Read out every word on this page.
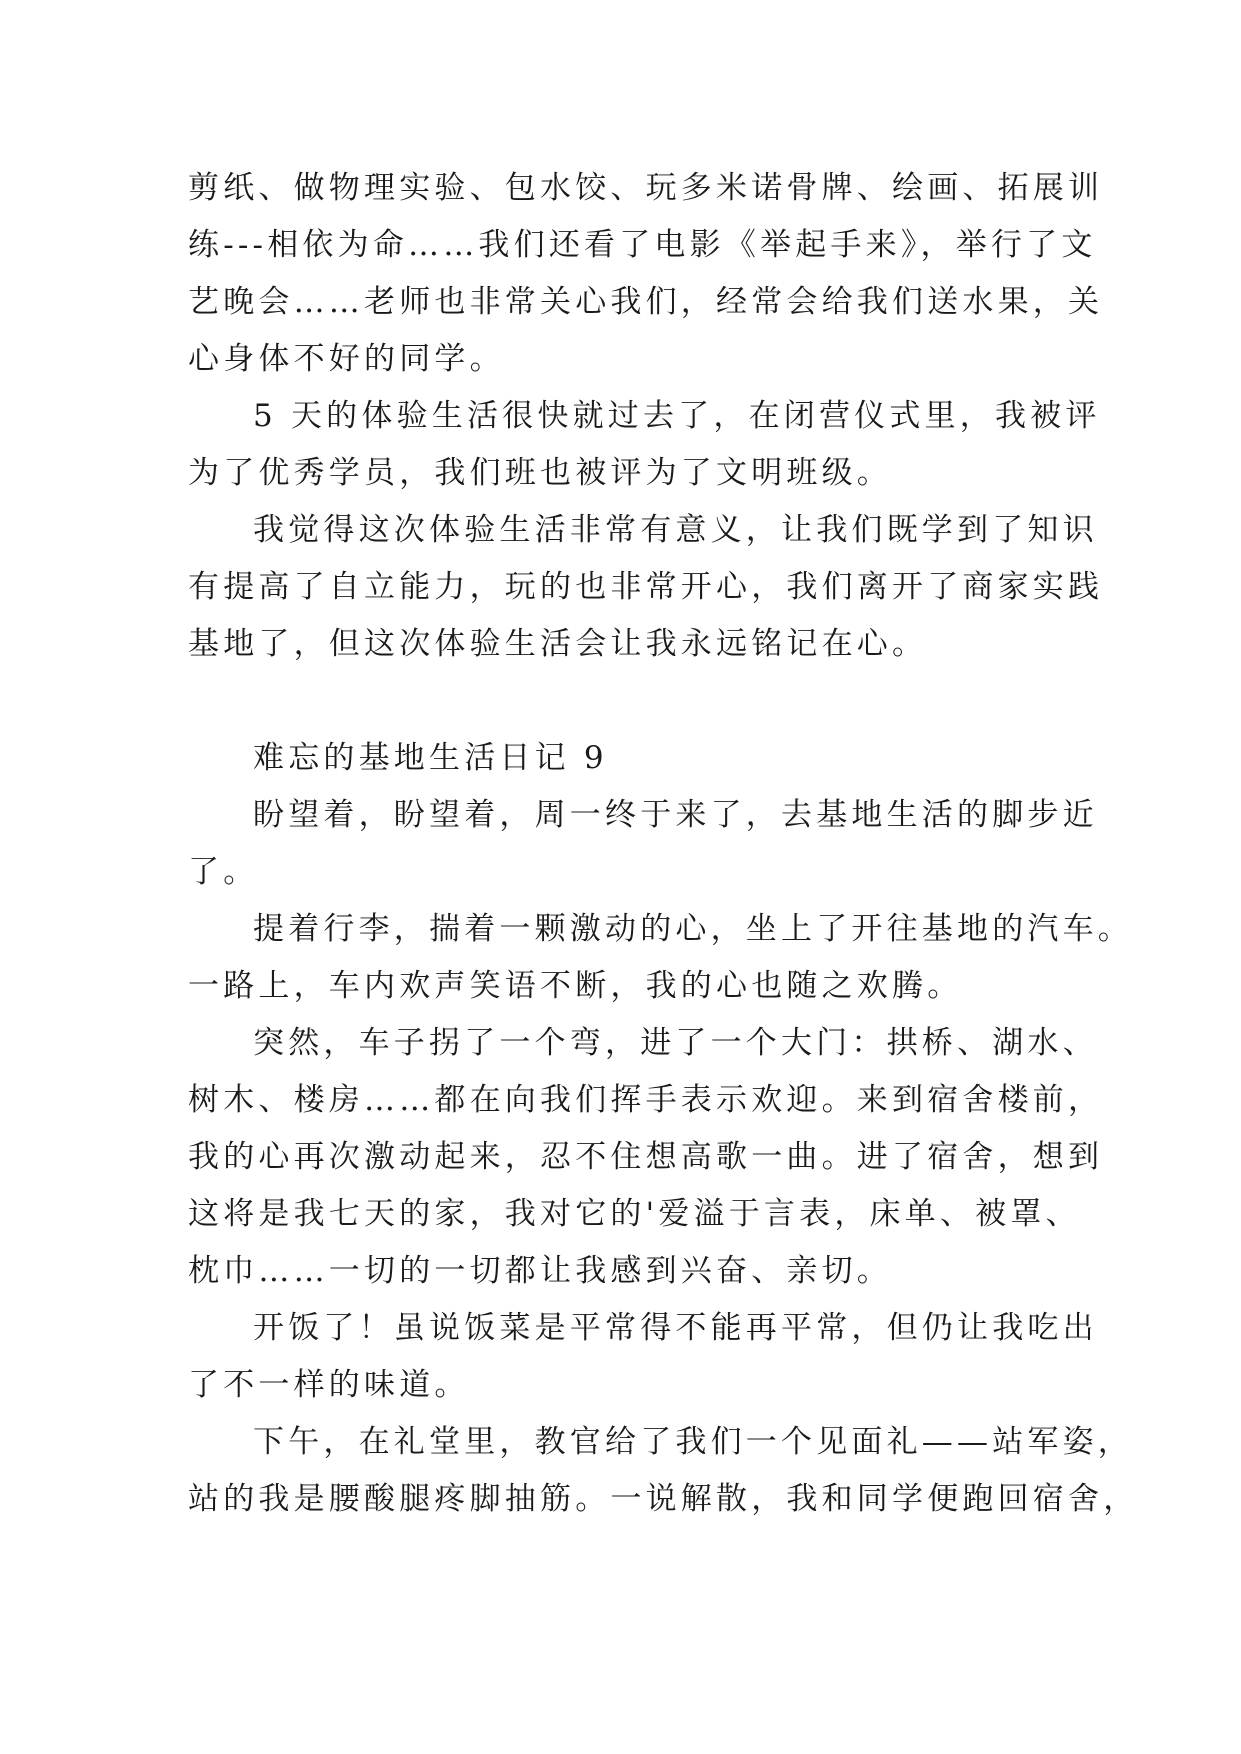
剪纸、做物理实验、包水饺、玩多米诺骨牌、绘画、拓展训
练---相依为命……我们还看了电影《举起手来》，举行了文
艺晚会……老师也非常关心我们，经常会给我们送水果，关
心身体不好的同学。
5 天的体验生活很快就过去了，在闭营仪式里，我被评
为了优秀学员，我们班也被评为了文明班级。
我觉得这次体验生活非常有意义，让我们既学到了知识
有提高了自立能力，玩的也非常开心，我们离开了商家实践
基地了，但这次体验生活会让我永远铭记在心。
难忘的基地生活日记 9
盼望着，盼望着，周一终于来了，去基地生活的脚步近
了。
提着行李，揣着一颗激动的心，坐上了开往基地的汽车。
一路上，车内欢声笑语不断，我的心也随之欢腾。
突然，车子拐了一个弯，进了一个大门：拱桥、湖水、
树木、楼房……都在向我们挥手表示欢迎。来到宿舍楼前，
我的心再次激动起来，忍不住想高歌一曲。进了宿舍，想到
这将是我七天的家，我对它的'爱溢于言表，床单、被罩、
枕巾……一切的一切都让我感到兴奋、亲切。
开饭了！虽说饭菜是平常得不能再平常，但仍让我吃出
了不一样的味道。
下午，在礼堂里，教官给了我们一个见面礼——站军姿，
站的我是腰酸腿疼脚抽筋。一说解散，我和同学便跑回宿舍，
